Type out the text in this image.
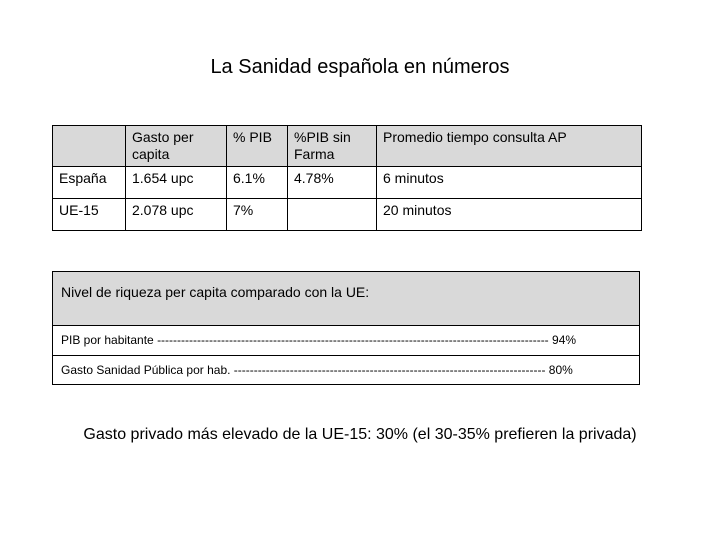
La Sanidad española en números
	Gasto per capita	% PIB	%PIB sin Farma	Promedio tiempo consulta AP
España	1.654 upc	6.1%	4.78%	6 minutos
UE-15	2.078 upc	7%		20 minutos
Nivel de riqueza per capita comparado con la UE:
PIB por habitante -------------------------------------------------------------------------------------------------- 94%
Gasto Sanidad Pública por hab. ------------------------------------------------------------------------------ 80%
Gasto privado más elevado de la UE-15: 30% (el 30-35% prefieren la privada)
